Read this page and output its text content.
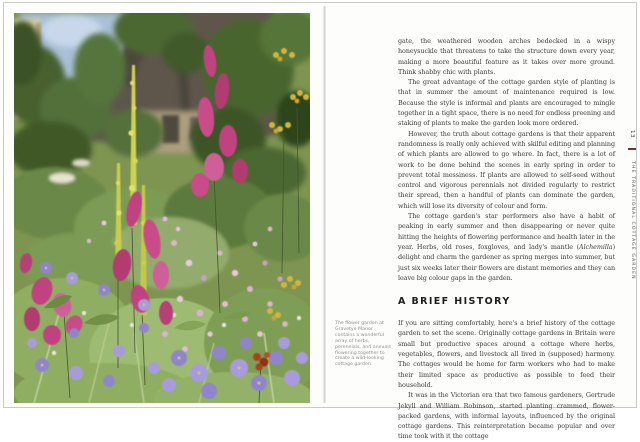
gate, the weathered wooden arches bedecked in a wispy honeysuckle that threatens to take the structure down every year, making a more beautiful feature as it takes over more ground. Think shabby chic with plants.

The great advantage of the cottage garden style of planting is that in summer the amount of maintenance required is low. Because the style is informal and plants are encouraged to mingle together in a tight space, there is no need for endless preening and staking of plants to make the garden look more ordered.

However, the truth about cottage gardens is that their apparent randomness is really only achieved with skilful editing and planning of which plants are allowed to go where. In fact, there is a lot of work to be done behind the scenes in early spring in order to prevent total messiness. If plants are allowed to self-seed without control and vigorous perennials not divided regularly to restrict their spread, then a handful of plants can dominate the garden, which will lose its diversity of colour and form.

The cottage garden's star performers also have a habit of peaking in early summer and then disappearing or never quite hitting the heights of flowering performance and health later in the year. Herbs, old roses, foxgloves, and lady's mantle (Alchemilla) delight and charm the gardener as spring merges into summer, but just six weeks later their flowers are distant memories and they can leave big colour gaps in the garden.

A BRIEF HISTORY

If you are sitting comfortably, here's a brief history of the cottage garden to set the scene. Originally cottage gardens in Britain were small but productive spaces around a cottage where herbs, vegetables, flowers, and livestock all lived in (supposed) harmony. The cottages would be home for farm workers who had to make their limited space as productive as possible to feed their household.

It was in the Victorian era that two famous gardeners, Gertrude Jekyll and William Robinson, started planting crammed, flower-packed gardens, with informal layouts, influenced by the original cottage gardens. This reinterpretation became popular and over time took with it the cottage

The flower garden at Gravetye Manor contains a wonderful array of herbs, perennials, and annuals flowering together to create a wild-looking cottage garden.
13  THE TRADITIONAL COTTAGE GARDEN
